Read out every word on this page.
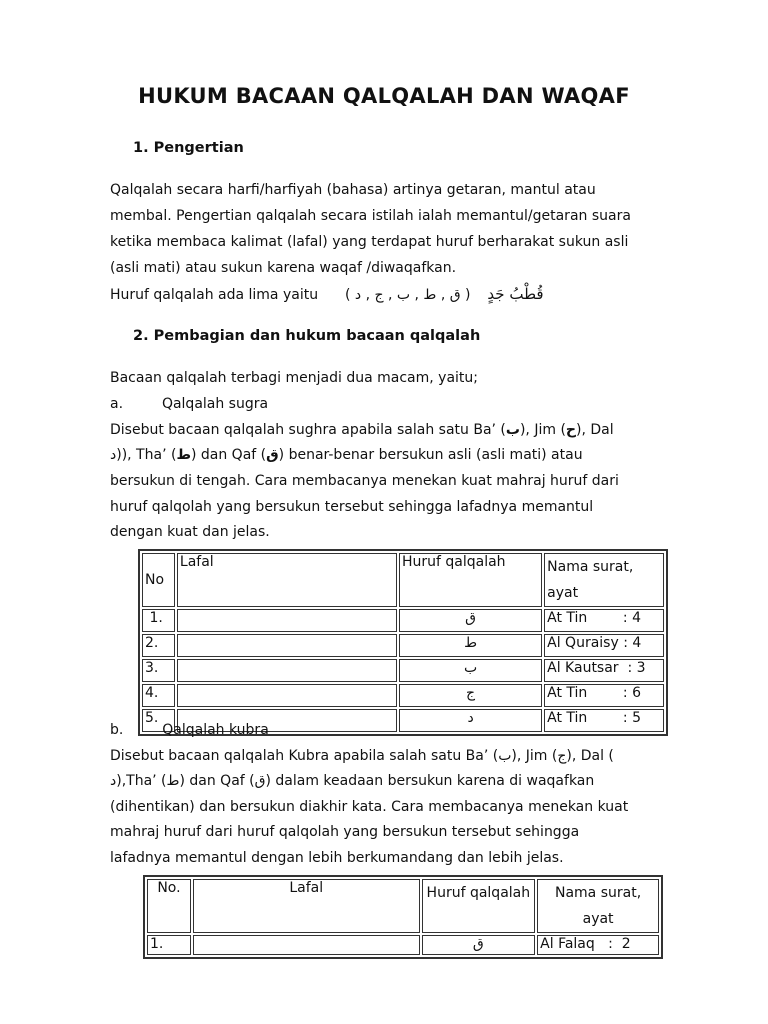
HUKUM BACAAN QALQALAH DAN WAQAF
1. Pengertian
Qalqalah secara harfi/harfiyah (bahasa) artinya getaran, mantul atau
membal. Pengertian qalqalah secara istilah ialah memantul/getaran suara
ketika membaca kalimat (lafal) yang terdapat huruf berharakat sukun asli
(asli mati) atau sukun karena waqaf /diwaqafkan.
Huruf qalqalah ada lima yaitu ( ق , ط , ب , ج , د ) قُطْبُ جَدٍ
2. Pembagian dan hukum bacaan qalqalah
Bacaan qalqalah terbagi menjadi dua macam, yaitu;
a.	Qalqalah sugra
Disebut bacaan qalqalah sughra apabila salah satu Ba’ (ب), Jim (ح), Dal
د)), Tha’ (ط) dan Qaf (ق) benar-benar bersukun asli (asli mati) atau
bersukun di tengah. Cara membacanya menekan kuat mahraj huruf dari
huruf qalqolah yang bersukun tersebut sehingga lafadnya memantul
dengan kuat dan jelas.
No	Lafal	Huruf qalqalah	Nama surat, ayat
1.		ق	At Tin        : 4
2.		ط	Al Quraisy : 4
3.		ب	Al Kautsar  : 3
4.		ج	At Tin        : 6
5.		د	At Tin        : 5
b.	Qalqalah kubra
Disebut bacaan qalqalah Kubra apabila salah satu Ba’ (ب), Jim (ج), Dal (
د),Tha’ (ط) dan Qaf (ق) dalam keadaan bersukun karena di waqafkan
(dihentikan) dan bersukun diakhir kata. Cara membacanya menekan kuat
mahraj huruf dari huruf qalqolah yang bersukun tersebut sehingga
lafadnya memantul dengan lebih berkumandang dan lebih jelas.
No.	Lafal	Huruf qalqalah	Nama surat, ayat
1.		ق	Al Falaq   :  2
